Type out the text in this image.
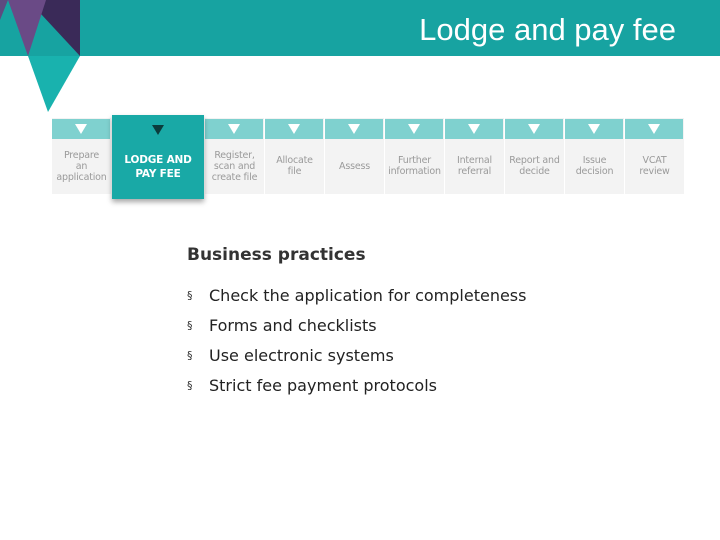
Lodge and pay fee
Prepare
an
application
LODGE AND
PAY FEE
Register,
scan and
create file
Allocate
file	Assess	Further
information
Internal
referral
Report and
decide
Issue
decision
VCAT
review
Business practices
§	Check the application for completeness
§	Forms and checklists
§	Use electronic systems
§	Strict fee payment protocols
